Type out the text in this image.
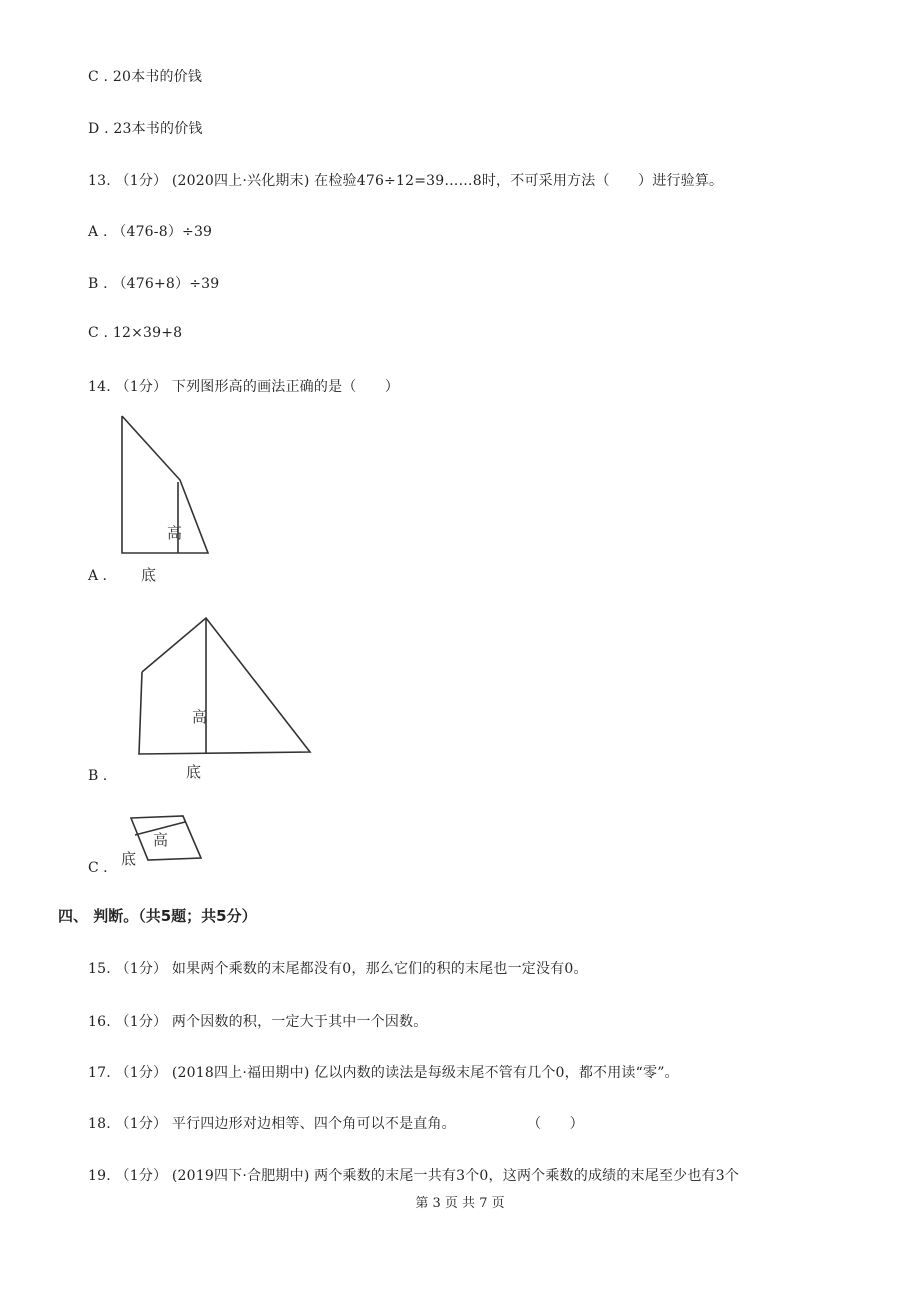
C . 20本书的价钱
D . 23本书的价钱
13. （1分） (2020四上·兴化期末) 在检验476÷12=39……8时，不可采用方法（　　）进行验算。
A . （476-8）÷39
B . （476+8）÷39
C . 12×39+8
14. （1分） 下列图形高的画法正确的是（　　）
高
底
A .
高
底
B .
高
底
C .
四、 判断。（共5题；共5分）
15. （1分） 如果两个乘数的末尾都没有0，那么它们的积的末尾也一定没有0。
16. （1分） 两个因数的积，一定大于其中一个因数。
17. （1分） (2018四上·福田期中) 亿以内数的读法是每级末尾不管有几个0，都不用读“零”。
18. （1分） 平行四边形对边相等、四个角可以不是直角。　　　　　　（　　）
19. （1分） (2019四下·合肥期中) 两个乘数的末尾一共有3个0，这两个乘数的成绩的末尾至少也有3个
第 3 页 共 7 页
